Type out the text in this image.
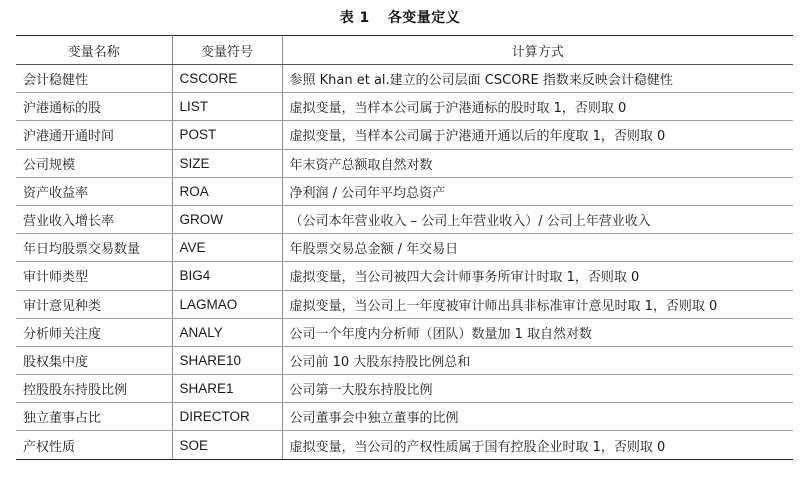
表 1 各变量定义
变量名称	变量符号	计算方式
会计稳健性	CSCORE	参照 Khan et al.建立的公司层面 CSCORE 指数来反映会计稳健性
沪港通标的股	LIST	虚拟变量，当样本公司属于沪港通标的股时取 1，否则取 0
沪港通开通时间	POST	虚拟变量，当样本公司属于沪港通开通以后的年度取 1，否则取 0
公司规模	SIZE	年末资产总额取自然对数
资产收益率	ROA	净利润 / 公司年平均总资产
营业收入增长率	GROW	（公司本年营业收入 – 公司上年营业收入）/ 公司上年营业收入
年日均股票交易数量	AVE	年股票交易总金额 / 年交易日
审计师类型	BIG4	虚拟变量，当公司被四大会计师事务所审计时取 1，否则取 0
审计意见种类	LAGMAO	虚拟变量，当公司上一年度被审计师出具非标准审计意见时取 1，否则取 0
分析师关注度	ANALY	公司一个年度内分析师（团队）数量加 1 取自然对数
股权集中度	SHARE10	公司前 10 大股东持股比例总和
控股股东持股比例	SHARE1	公司第一大股东持股比例
独立董事占比	DIRECTOR	公司董事会中独立董事的比例
产权性质	SOE	虚拟变量，当公司的产权性质属于国有控股企业时取 1，否则取 0
